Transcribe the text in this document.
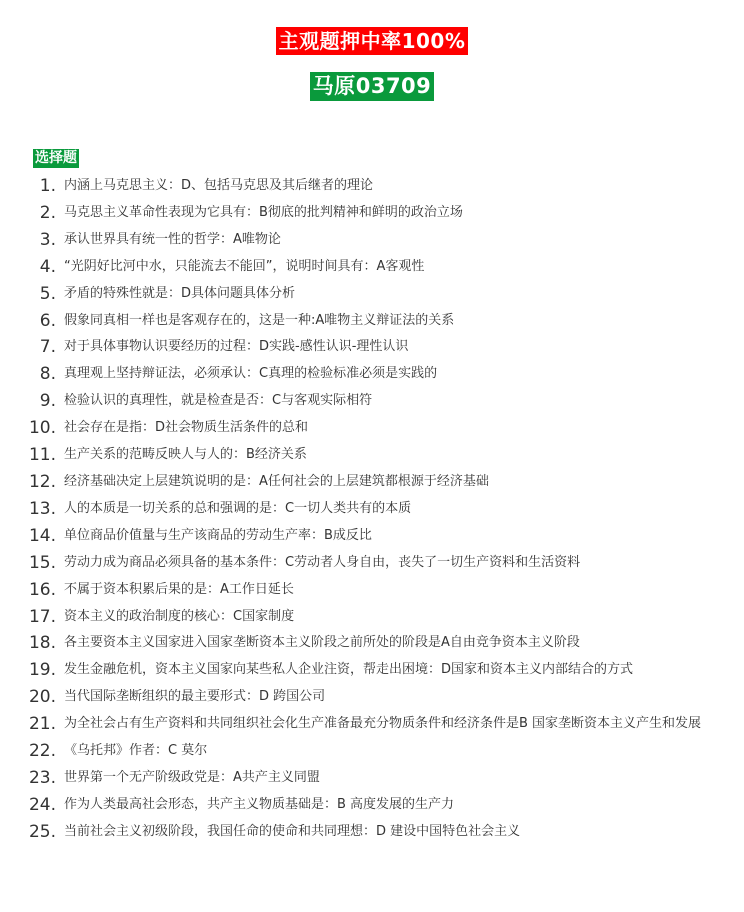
主观题押中率100%
马原03709
选择题
1. 内涵上马克思主义：D、包括马克思及其后继者的理论
2. 马克思主义革命性表现为它具有：B彻底的批判精神和鲜明的政治立场
3. 承认世界具有统一性的哲学：A唯物论
4. “光阴好比河中水，只能流去不能回”，说明时间具有：A客观性
5. 矛盾的特殊性就是：D具体问题具体分析
6. 假象同真相一样也是客观存在的，这是一种:A唯物主义辩证法的关系
7. 对于具体事物认识要经历的过程：D实践-感性认识-理性认识
8. 真理观上坚持辩证法，必须承认：C真理的检验标准必须是实践的
9. 检验认识的真理性，就是检查是否：C与客观实际相符
10. 社会存在是指：D社会物质生活条件的总和
11. 生产关系的范畴反映人与人的：B经济关系
12. 经济基础决定上层建筑说明的是：A任何社会的上层建筑都根源于经济基础
13. 人的本质是一切关系的总和强调的是：C一切人类共有的本质
14. 单位商品价值量与生产该商品的劳动生产率：B成反比
15. 劳动力成为商品必须具备的基本条件：C劳动者人身自由，丧失了一切生产资料和生活资料
16. 不属于资本积累后果的是：A工作日延长
17. 资本主义的政治制度的核心：C国家制度
18. 各主要资本主义国家进入国家垄断资本主义阶段之前所处的阶段是A自由竞争资本主义阶段
19. 发生金融危机，资本主义国家向某些私人企业注资，帮走出困境：D国家和资本主义内部结合的方式
20. 当代国际垄断组织的最主要形式：D 跨国公司
21. 为全社会占有生产资料和共同组织社会化生产准备最充分物质条件和经济条件是B 国家垄断资本主义产生和发展
22. 《乌托邦》作者：C 莫尔
23. 世界第一个无产阶级政党是：A共产主义同盟
24. 作为人类最高社会形态，共产主义物质基础是：B 高度发展的生产力
25. 当前社会主义初级阶段，我国任命的使命和共同理想：D 建设中国特色社会主义
